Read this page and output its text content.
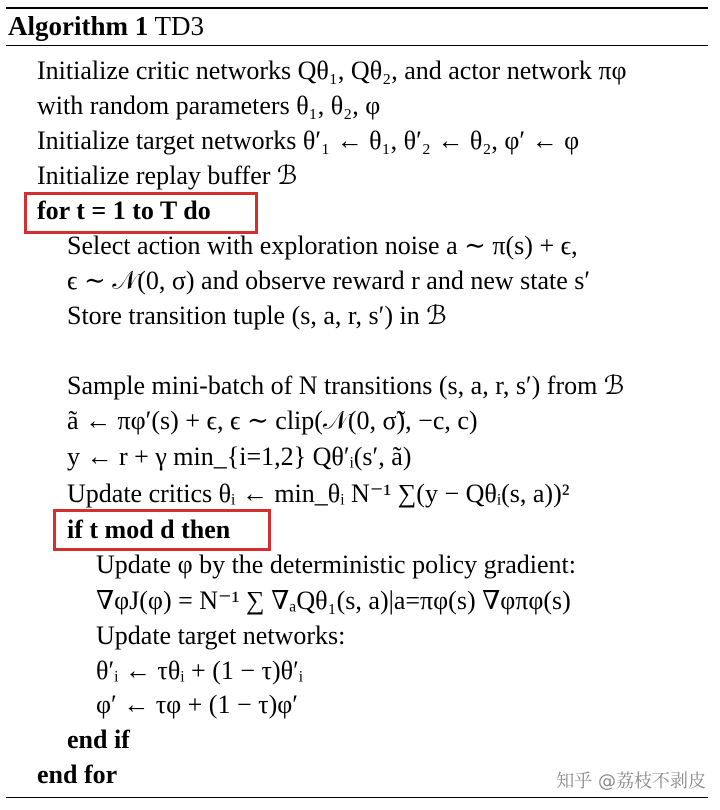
Algorithm 1 TD3
Initialize critic networks Qθ₁, Qθ₂, and actor network πφ
with random parameters θ₁, θ₂, φ
Initialize target networks θ′₁ ← θ₁, θ′₂ ← θ₂, φ′ ← φ
Initialize replay buffer ℬ
for t = 1 to T do
Select action with exploration noise a ∼ π(s) + ϵ,
ϵ ∼ 𝒩(0, σ) and observe reward r and new state s′
Store transition tuple (s, a, r, s′) in ℬ
Sample mini-batch of N transitions (s, a, r, s′) from ℬ
ã ← πφ′(s) + ϵ, ϵ ∼ clip(𝒩(0, σ̃), −c, c)
y ← r + γ min_{i=1,2} Qθ′ᵢ(s′, ã)
Update critics θᵢ ← min_θᵢ N⁻¹ ∑(y − Qθᵢ(s, a))²
if t mod d then
Update φ by the deterministic policy gradient:
∇φJ(φ) = N⁻¹ ∑ ∇ₐQθ₁(s, a)|a=πφ(s) ∇φπφ(s)
Update target networks:
θ′ᵢ ← τθᵢ + (1 − τ)θ′ᵢ
φ′ ← τφ + (1 − τ)φ′
end if
end for	知乎 @荔枝不剥皮
